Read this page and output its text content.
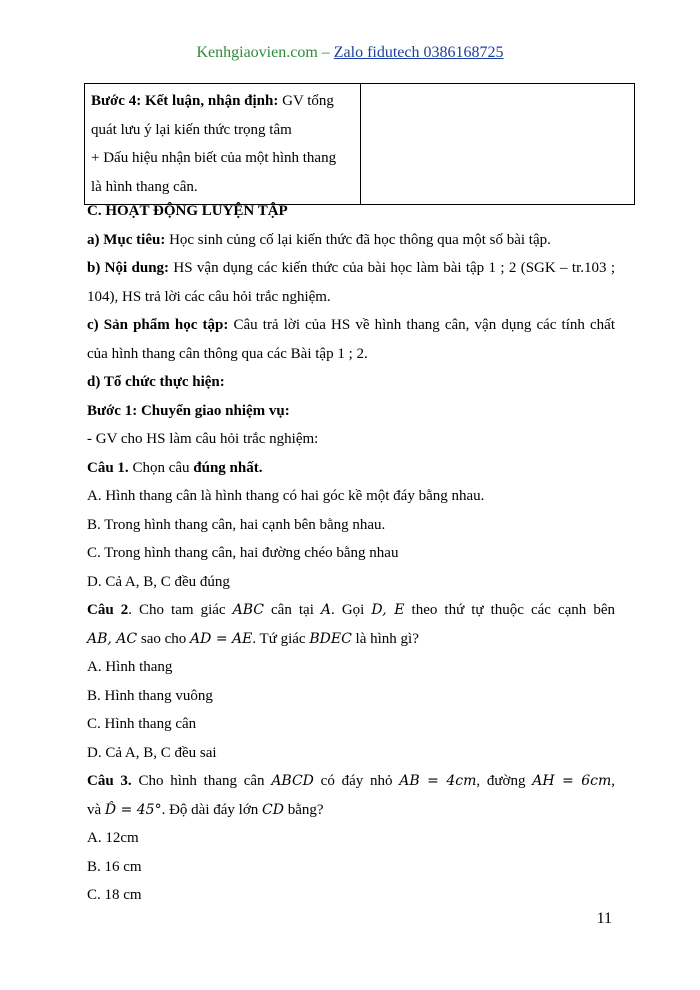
Kenhgiaovien.com – Zalo fidutech 0386168725
Bước 4: Kết luận, nhận định: GV tổng
quát lưu ý lại kiến thức trọng tâm
+ Dấu hiệu nhận biết của một hình thang
là hình thang cân.

C. HOẠT ĐỘNG LUYỆN TẬP
a) Mục tiêu: Học sinh củng cố lại kiến thức đã học thông qua một số bài tập.
b) Nội dung: HS vận dụng các kiến thức của bài học làm bài tập 1 ; 2 (SGK – tr.103 ;
104), HS trả lời các câu hỏi trắc nghiệm.
c) Sản phẩm học tập: Câu trả lời của HS về hình thang cân, vận dụng các tính chất
của hình thang cân thông qua các Bài tập 1 ; 2.
d) Tổ chức thực hiện:
Bước 1: Chuyển giao nhiệm vụ:
- GV cho HS làm câu hỏi trắc nghiệm:
Câu 1. Chọn câu đúng nhất.
A. Hình thang cân là hình thang có hai góc kề một đáy bằng nhau.
B. Trong hình thang cân, hai cạnh bên bằng nhau.
C. Trong hình thang cân, hai đường chéo bằng nhau
D. Cả A, B, C đều đúng
Câu 2. Cho tam giác ABC cân tại A. Gọi D, E theo thứ tự thuộc các cạnh bên
AB, AC sao cho AD = AE. Tứ giác BDEC là hình gì?
A. Hình thang
B. Hình thang vuông
C. Hình thang cân
D. Cả A, B, C đều sai
Câu 3. Cho hình thang cân ABCD có đáy nhỏ AB = 4cm, đường AH = 6cm,
và D̂ = 45°. Độ dài đáy lớn CD bằng?
A. 12cm
B. 16 cm
C. 18 cm
11
